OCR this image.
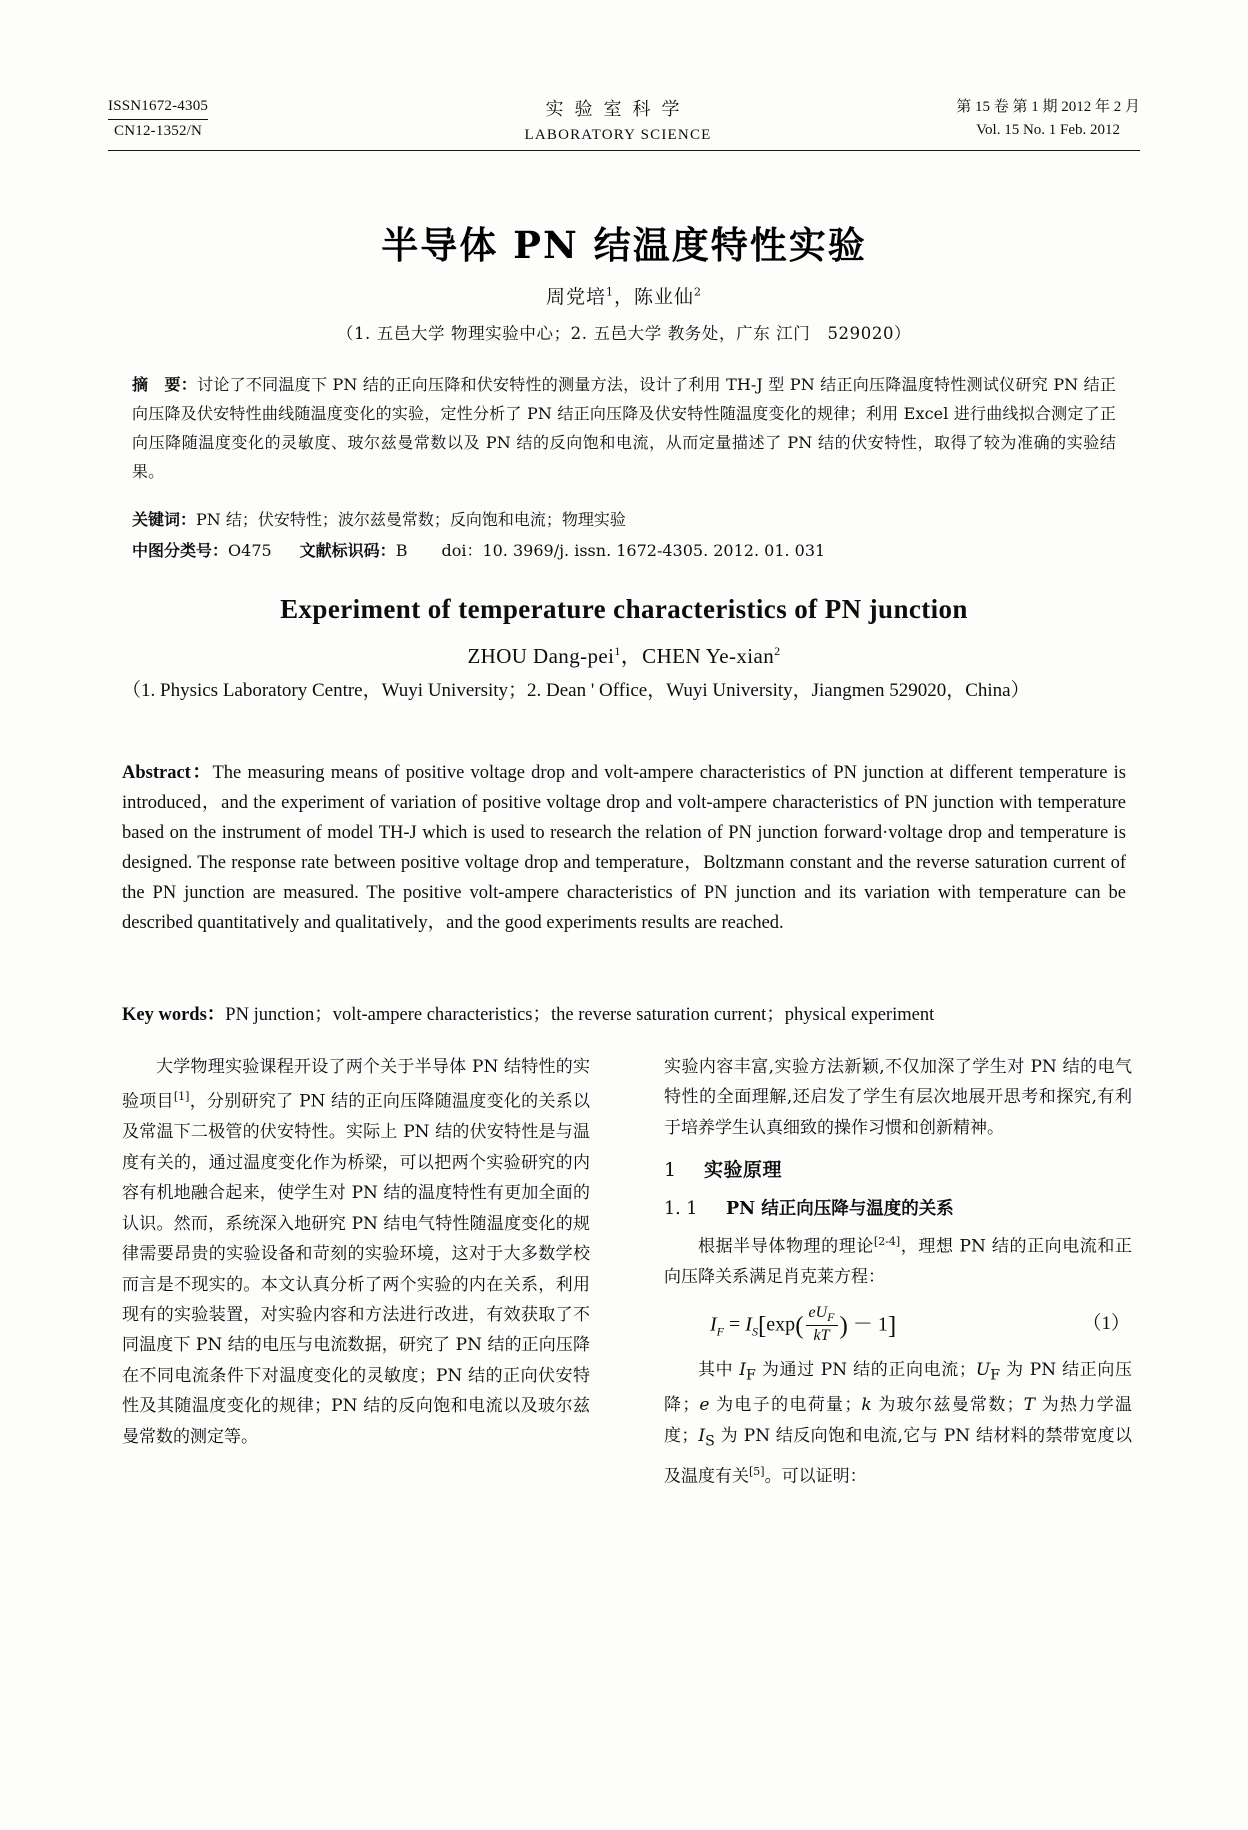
ISSN1672-4305
CN12-1352/N
实验室科学
LABORATORY SCIENCE
第 15 卷 第 1 期 2012 年 2 月
Vol. 15 No. 1 Feb. 2012
半导体 PN 结温度特性实验
周党培$^1$，陈业仙$^2$
（1. 五邑大学 物理实验中心；2. 五邑大学 教务处，广东 江门　529020）
摘　要：讨论了不同温度下 PN 结的正向压降和伏安特性的测量方法，设计了利用 TH-J 型 PN 结正向压降温度特性测试仪研究 PN 结正向压降及伏安特性曲线随温度变化的实验，定性分析了 PN 结正向压降及伏安特性随温度变化的规律；利用 Excel 进行曲线拟合测定了正向压降随温度变化的灵敏度、玻尔兹曼常数以及 PN 结的反向饱和电流，从而定量描述了 PN 结的伏安特性，取得了较为准确的实验结果。
关键词：PN 结；伏安特性；波尔兹曼常数；反向饱和电流；物理实验
中图分类号：O475 文献标识码：B doi：10. 3969/j. issn. 1672-4305. 2012. 01. 031
Experiment of temperature characteristics of PN junction
ZHOU Dang-pei$^1$，CHEN Ye-xian$^2$
（1. Physics Laboratory Centre，Wuyi University；2. Dean ' Office，Wuyi University，Jiangmen 529020，China）
Abstract：The measuring means of positive voltage drop and volt-ampere characteristics of PN junction at different temperature is introduced，and the experiment of variation of positive voltage drop and volt-ampere characteristics of PN junction with temperature based on the instrument of model TH-J which is used to research the relation of PN junction forward·voltage drop and temperature is designed. The response rate between positive voltage drop and temperature，Boltzmann constant and the reverse saturation current of the PN junction are measured. The positive volt-ampere characteristics of PN junction and its variation with temperature can be described quantitatively and qualitatively，and the good experiments results are reached.
Key words：PN junction；volt-ampere characteristics；the reverse saturation current；physical experiment

大学物理实验课程开设了两个关于半导体 PN 结特性的实验项目[1]，分别研究了 PN 结的正向压降随温度变化的关系以及常温下二极管的伏安特性。实际上 PN 结的伏安特性是与温度有关的，通过温度变化作为桥梁，可以把两个实验研究的内容有机地融合起来，使学生对 PN 结的温度特性有更加全面的认识。然而，系统深入地研究 PN 结电气特性随温度变化的规律需要昂贵的实验设备和苛刻的实验环境，这对于大多数学校而言是不现实的。本文认真分析了两个实验的内在关系，利用现有的实验装置，对实验内容和方法进行改进，有效获取了不同温度下 PN 结的电压与电流数据，研究了 PN 结的正向压降在不同电流条件下对温度变化的灵敏度；PN 结的正向伏安特性及其随温度变化的规律；PN 结的反向饱和电流以及玻尔兹曼常数的测定等。

实验内容丰富,实验方法新颖,不仅加深了学生对 PN 结的电气特性的全面理解,还启发了学生有层次地展开思考和探究,有利于培养学生认真细致的操作习惯和创新精神。

1 实验原理
1. 1 PN 结正向压降与温度的关系

根据半导体物理的理论[2-4]，理想 PN 结的正向电流和正向压降关系满足肖克莱方程：

$I_F = I_S[\exp( \frac{eU_F}{kT}$ ) － 1]	（1）

其中 $I_F$ 为通过 PN 结的正向电流；$U_F$ 为 PN 结正向压降；e 为电子的电荷量；k 为玻尔兹曼常数；T 为热力学温度；$I_S$ 为 PN 结反向饱和电流,它与 PN 结材料的禁带宽度以及温度有关[5]。可以证明：
